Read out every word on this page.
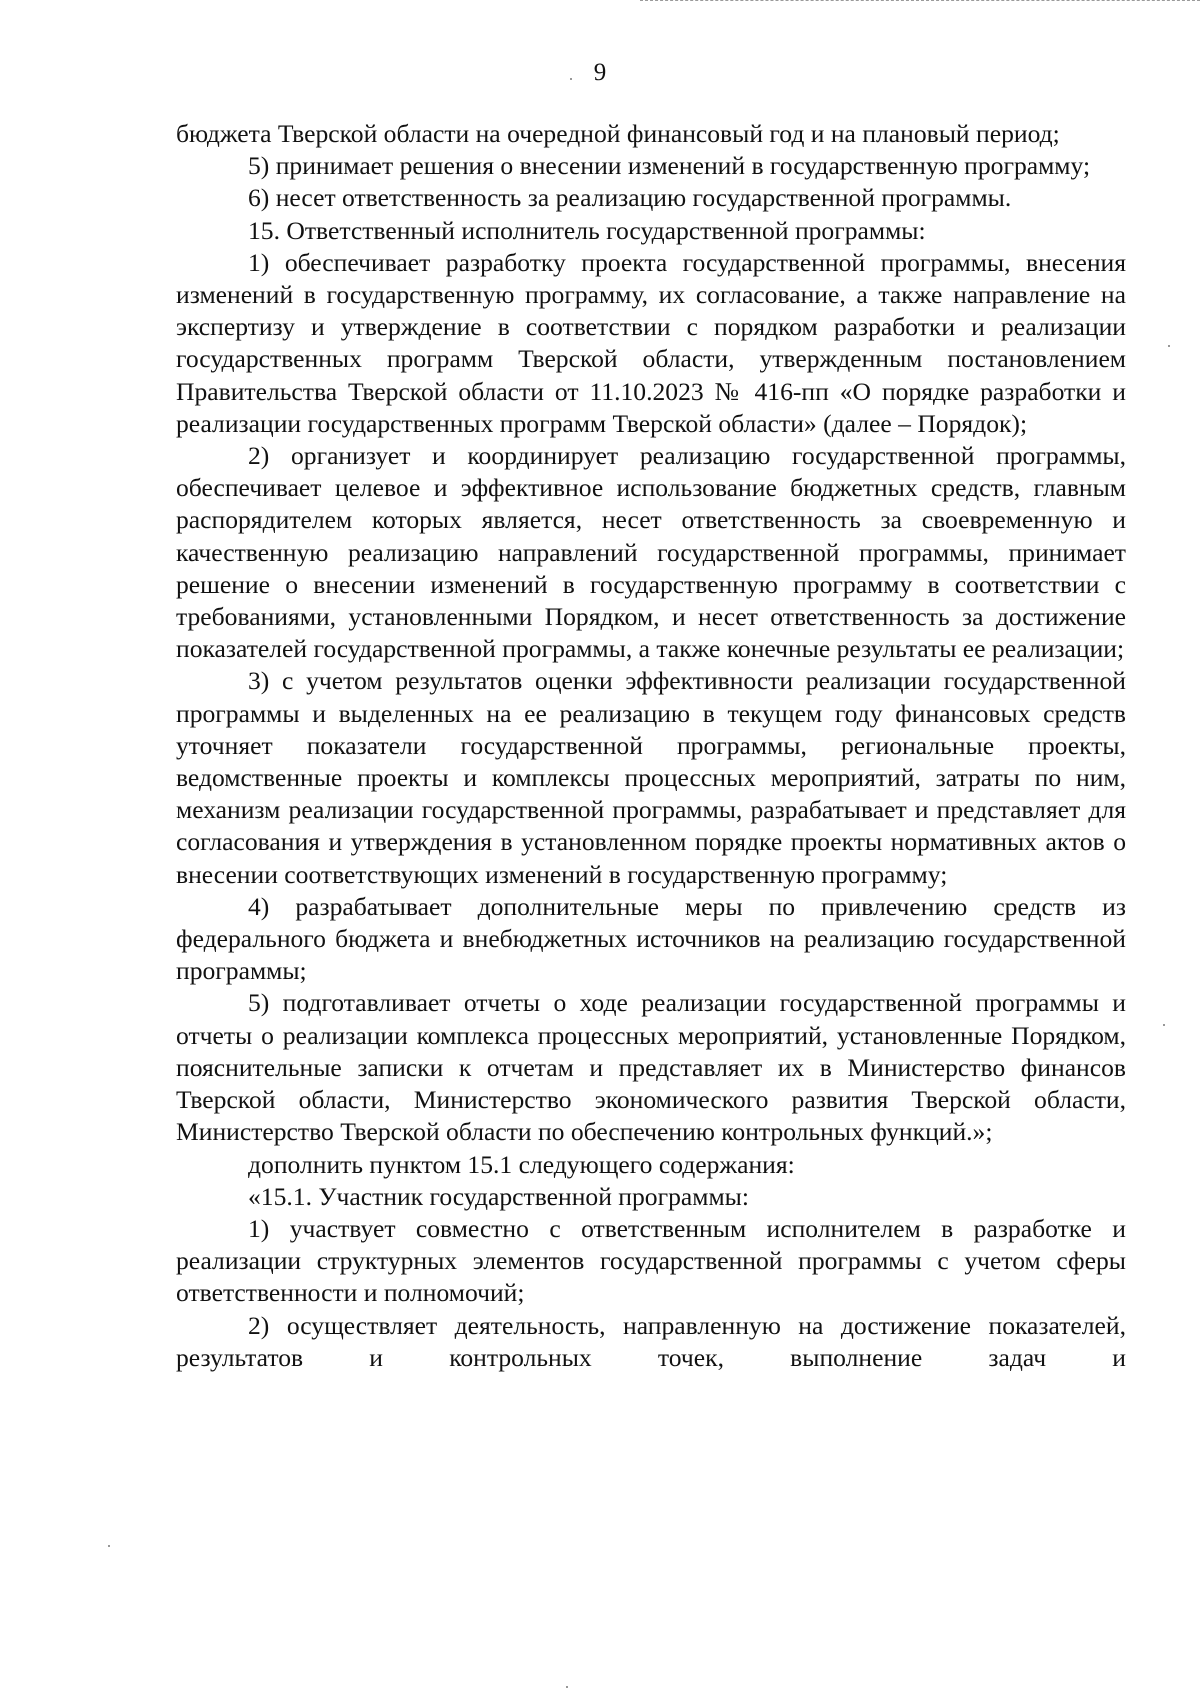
9

бюджета Тверской области на очередной финансовый год и на плановый период;

5) принимает решения о внесении изменений в государственную программу;

6) несет ответственность за реализацию государственной программы.

15. Ответственный исполнитель государственной программы:

1) обеспечивает разработку проекта государственной программы, внесения изменений в государственную программу, их согласование, а также направление на экспертизу и утверждение в соответствии с порядком разработки и реализации государственных программ Тверской области, утвержденным постановлением Правительства Тверской области от 11.10.2023 № 416-пп «О порядке разработки и реализации государственных программ Тверской области» (далее – Порядок);

2) организует и координирует реализацию государственной программы, обеспечивает целевое и эффективное использование бюджетных средств, главным распорядителем которых является, несет ответственность за своевременную и качественную реализацию направлений государственной программы, принимает решение о внесении изменений в государственную программу в соответствии с требованиями, установленными Порядком, и несет ответственность за достижение показателей государственной программы, а также конечные результаты ее реализации;

3) с учетом результатов оценки эффективности реализации государственной программы и выделенных на ее реализацию в текущем году финансовых средств уточняет показатели государственной программы, региональные проекты, ведомственные проекты и комплексы процессных мероприятий, затраты по ним, механизм реализации государственной программы, разрабатывает и представляет для согласования и утверждения в установленном порядке проекты нормативных актов о внесении соответствующих изменений в государственную программу;

4) разрабатывает дополнительные меры по привлечению средств из федерального бюджета и внебюджетных источников на реализацию государственной программы;

5) подготавливает отчеты о ходе реализации государственной программы и отчеты о реализации комплекса процессных мероприятий, установленные Порядком, пояснительные записки к отчетам и представляет их в Министерство финансов Тверской области, Министерство экономического развития Тверской области, Министерство Тверской области по обеспечению контрольных функций.»;

дополнить пунктом 15.1 следующего содержания:

«15.1. Участник государственной программы:

1) участвует совместно с ответственным исполнителем в разработке и реализации структурных элементов государственной программы с учетом сферы ответственности и полномочий;

2) осуществляет деятельность, направленную на достижение показателей, результатов и контрольных точек, выполнение задач и
